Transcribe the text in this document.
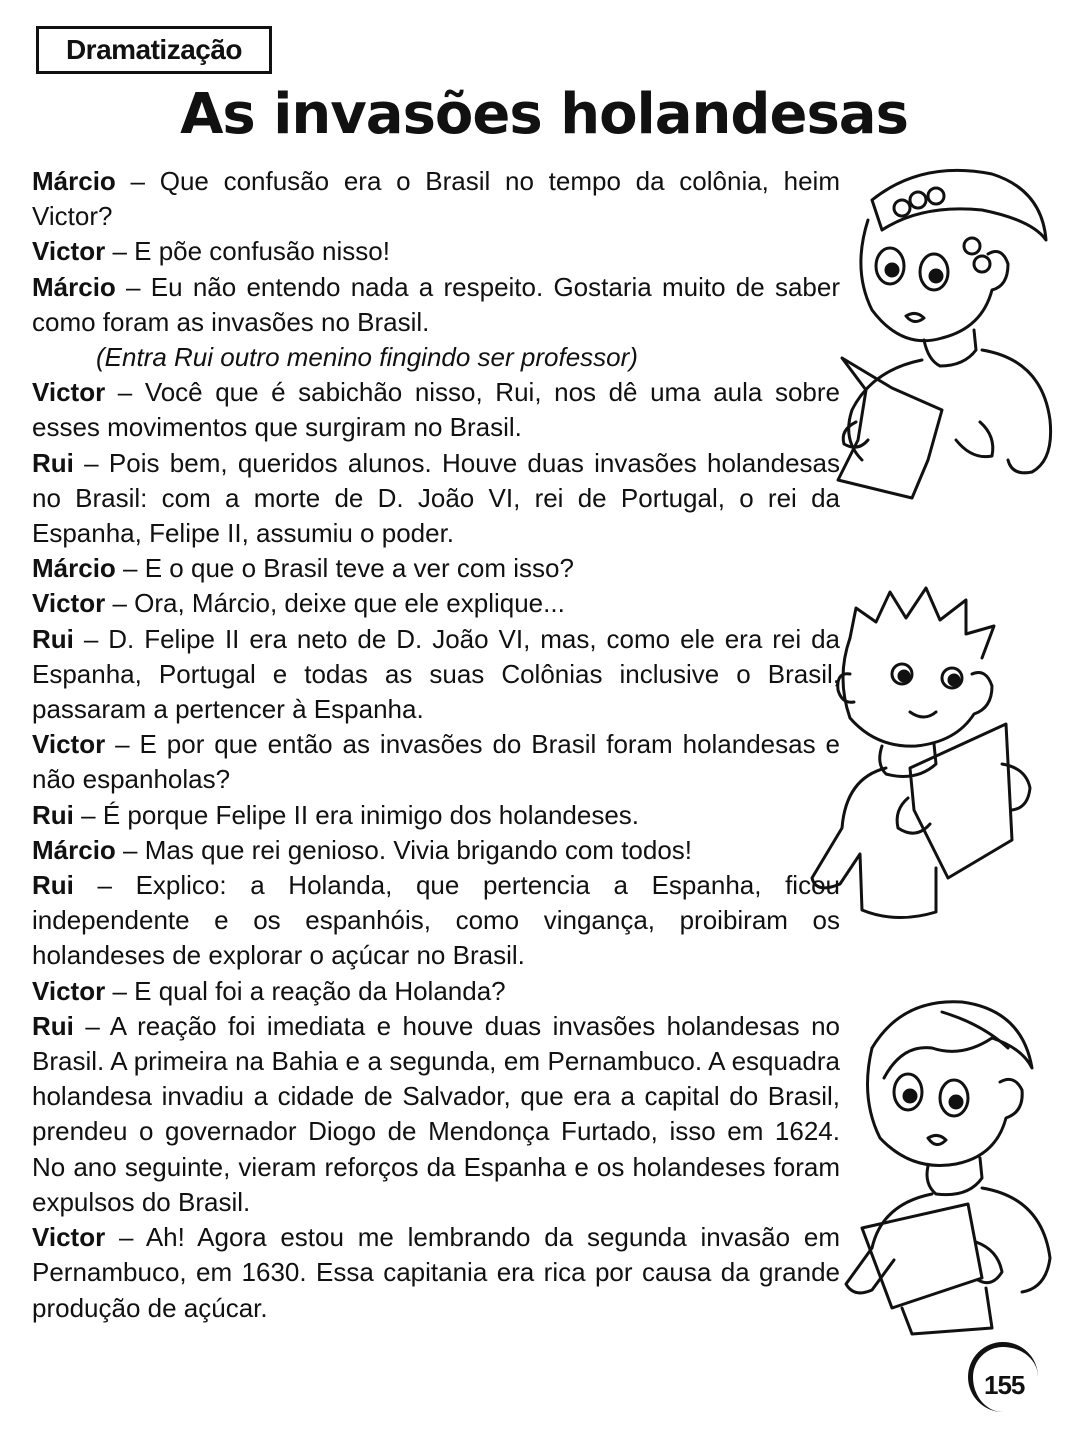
Dramatização
As invasões holandesas

Márcio – Que confusão era o Brasil no tempo da colônia, heim Victor?

Victor – E põe confusão nisso!

Márcio – Eu não entendo nada a respeito. Gostaria muito de saber como foram as invasões no Brasil.

(Entra Rui outro menino fingindo ser professor)

Victor – Você que é sabichão nisso, Rui, nos dê uma aula sobre esses movimentos que surgiram no Brasil.

Rui – Pois bem, queridos alunos. Houve duas invasões holandesas no Brasil: com a morte de D. João VI, rei de Portugal, o rei da Espanha, Felipe II, assumiu o poder.

Márcio – E o que o Brasil teve a ver com isso?

Victor – Ora, Márcio, deixe que ele explique...

Rui – D. Felipe II era neto de D. João VI, mas, como ele era rei da Espanha, Portugal e todas as suas Colônias inclusive o Brasil, passaram a pertencer à Espanha.

Victor – E por que então as invasões do Brasil foram holandesas e não espanholas?

Rui – É porque Felipe II era inimigo dos holandeses.

Márcio – Mas que rei genioso. Vivia brigando com todos!

Rui – Explico: a Holanda, que pertencia a Espanha, ficou independente e os espanhóis, como vingança, proibiram os holandeses de explorar o açúcar no Brasil.

Victor – E qual foi a reação da Holanda?

Rui – A reação foi imediata e houve duas invasões holandesas no Brasil. A primeira na Bahia e a segunda, em Pernambuco. A esquadra holandesa invadiu a cidade de Salvador, que era a capital do Brasil, prendeu o governador Diogo de Mendonça Furtado, isso em 1624. No ano seguinte, vieram reforços da Espanha e os holandeses foram expulsos do Brasil.

Victor – Ah! Agora estou me lembrando da segunda invasão em Pernambuco, em 1630. Essa capitania era rica por causa da grande produção de açúcar.

155
